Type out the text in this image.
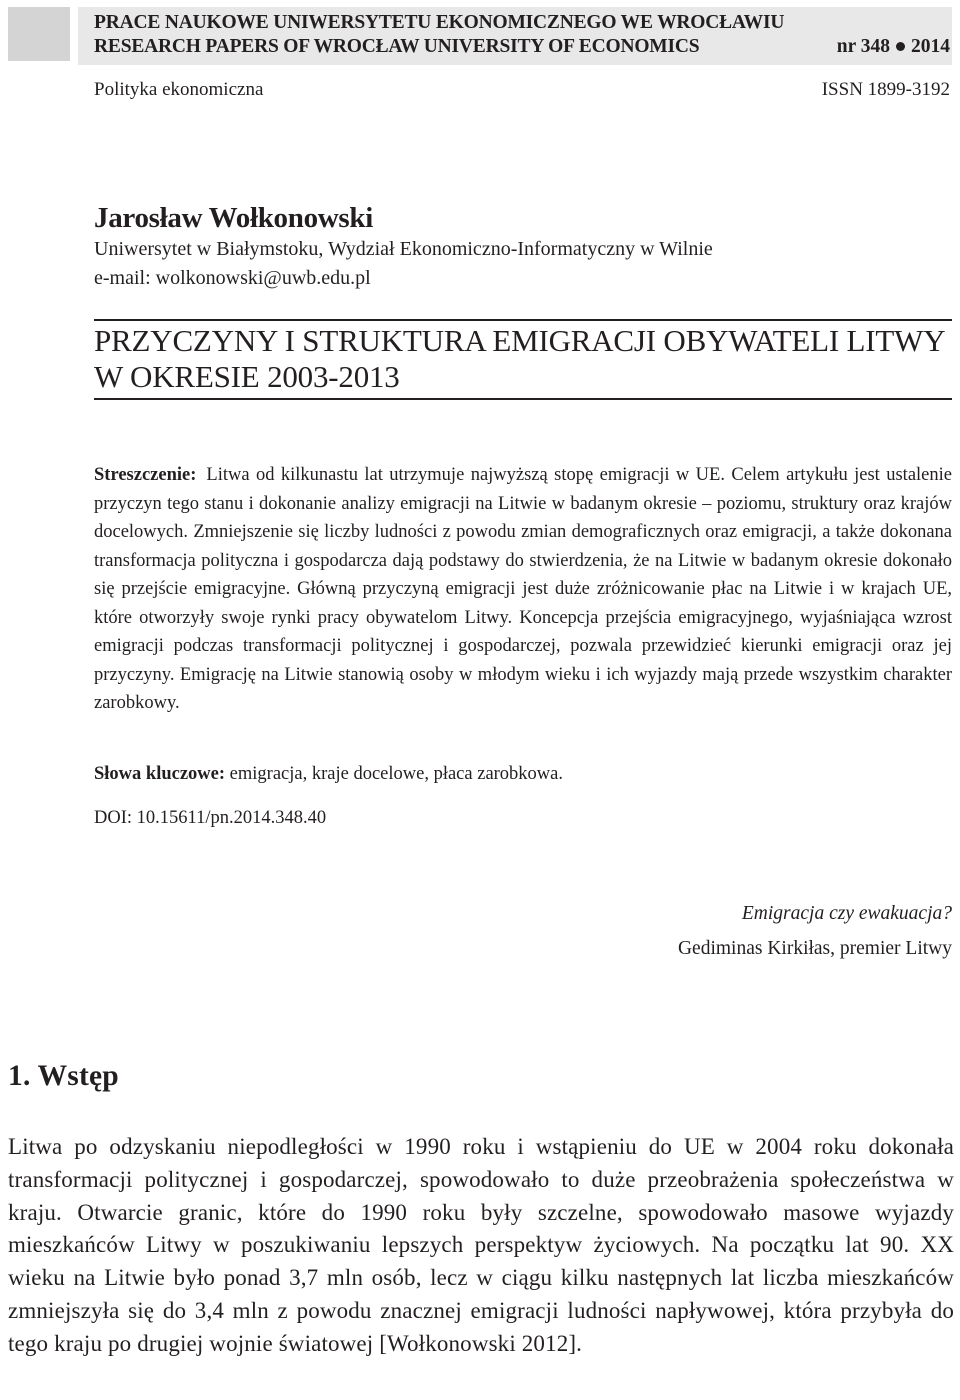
PRACE NAUKOWE UNIWERSYTETU EKONOMICZNEGO WE WROCŁAWIU
RESEARCH PAPERS OF WROCŁAW UNIVERSITY OF ECONOMICS	nr 348 2014
Polityka ekonomiczna	ISSN 1899-3192
Jarosław Wołkonowski
Uniwersytet w Białymstoku, Wydział Ekonomiczno-Informatyczny w Wilnie
e-mail: wolkonowski@uwb.edu.pl
PRZYCZYNY I STRUKTURA EMIGRACJI OBYWATELI LITWY W OKRESIE 2003-2013
Streszczenie: Litwa od kilkunastu lat utrzymuje najwyższą stopę emigracji w UE. Celem artykułu jest ustalenie przyczyn tego stanu i dokonanie analizy emigracji na Litwie w badanym okresie – poziomu, struktury oraz krajów docelowych. Zmniejszenie się liczby ludności z powodu zmian demograficznych oraz emigracji, a także dokonana transformacja polityczna i gospodarcza dają podstawy do stwierdzenia, że na Litwie w badanym okresie dokonało się przejście emigracyjne. Główną przyczyną emigracji jest duże zróżnicowanie płac na Litwie i w krajach UE, które otworzyły swoje rynki pracy obywatelom Litwy. Koncepcja przejścia emigracyjnego, wyjaśniająca wzrost emigracji podczas transformacji politycznej i gospodarczej, pozwala przewidzieć kierunki emigracji oraz jej przyczyny. Emigrację na Litwie stanowią osoby w młodym wieku i ich wyjazdy mają przede wszystkim charakter zarobkowy.
Słowa kluczowe: emigracja, kraje docelowe, płaca zarobkowa.
DOI: 10.15611/pn.2014.348.40
Emigracja czy ewakuacja?
Gediminas Kirkiłas, premier Litwy
1. Wstęp
Litwa po odzyskaniu niepodległości w 1990 roku i wstąpieniu do UE w 2004 roku dokonała transformacji politycznej i gospodarczej, spowodowało to duże przeobrażenia społeczeństwa w kraju. Otwarcie granic, które do 1990 roku były szczelne, spowodowało masowe wyjazdy mieszkańców Litwy w poszukiwaniu lepszych perspektyw życiowych. Na początku lat 90. XX wieku na Litwie było ponad 3,7 mln osób, lecz w ciągu kilku następnych lat liczba mieszkańców zmniejszyła się do 3,4 mln z powodu znacznej emigracji ludności napływowej, która przybyła do tego kraju po drugiej wojnie światowej [Wołkonowski 2012].
